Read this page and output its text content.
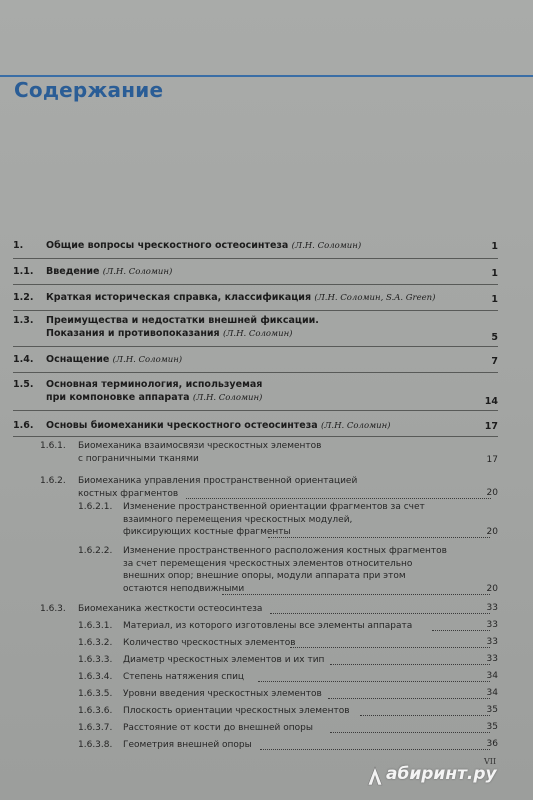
Содержание
1. Общие вопросы чрескостного остеосинтеза (Л.Н. Соломин)	1
1.1. Введение (Л.Н. Соломин)	1
1.2. Краткая историческая справка, классификация (Л.Н. Соломин, S.A. Green)	1
1.3. Преимущества и недостатки внешней фиксации.
Показания и противопоказания (Л.Н. Соломин)	5
1.4. Оснащение (Л.Н. Соломин)	7
1.5. Основная терминология, используемая
при компоновке аппарата (Л.Н. Соломин)	14
1.6. Основы биомеханики чрескостного остеосинтеза (Л.Н. Соломин)	17
1.6.1. Биомеханика взаимосвязи чрескостных элементов
с пограничными тканями	17
1.6.2. Биомеханика управления пространственной ориентацией
костных фрагментов	20
1.6.2.1. Изменение пространственной ориентации фрагментов за счет
взаимного перемещения чрескостных модулей,
фиксирующих костные фрагменты	20
1.6.2.2. Изменение пространственного расположения костных фрагментов
за счет перемещения чрескостных элементов относительно
внешних опор; внешние опоры, модули аппарата при этом
остаются неподвижными	20
1.6.3. Биомеханика жесткости остеосинтеза	33
1.6.3.1. Материал, из которого изготовлены все элементы аппарата	33
1.6.3.2. Количество чрескостных элементов	33
1.6.3.3. Диаметр чрескостных элементов и их тип	33
1.6.3.4. Степень натяжения спиц	34
1.6.3.5. Уровни введения чрескостных элементов	34
1.6.3.6. Плоскость ориентации чрескостных элементов	35
1.6.3.7. Расстояние от кости до внешней опоры	35
1.6.3.8. Геометрия внешней опоры	36
VII
абиринт.ру
